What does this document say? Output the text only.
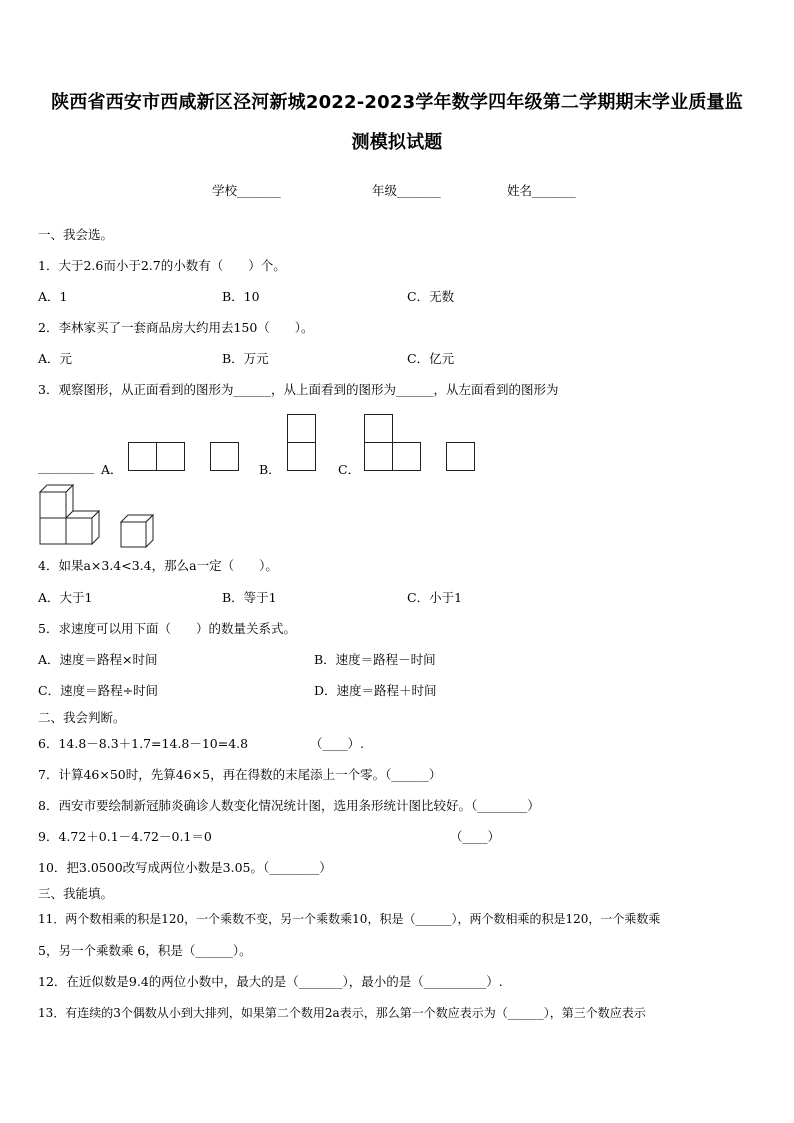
陕西省西安市西咸新区泾河新城2022-2023学年数学四年级第二学期期末学业质量监
测模拟试题
学校_______	年级_______	姓名_______
一、我会选。
1．大于2.6而小于2.7的小数有（　　）个。
A．1	B．10	C．无数
2．李林家买了一套商品房大约用去150（　　）。
A．元	B．万元	C．亿元
3．观察图形，从正面看到的图形为______，从上面看到的图形为______，从左面看到的图形为
_________ A．	B．	C．
4．如果a×3.4<3.4，那么a一定（　　）。
A．大于1	B．等于1	C．小于1
5．求速度可以用下面（　　）的数量关系式。
A．速度＝路程×时间	B．速度＝路程－时间
C．速度＝路程÷时间	D．速度＝路程＋时间
二、我会判断。
6．14.8－8.3＋1.7=14.8－10=4.8	（____）.
7．计算46×50时，先算46×5，再在得数的末尾添上一个零。（______）
8．西安市要绘制新冠肺炎确诊人数变化情况统计图，选用条形统计图比较好。（________）
9．4.72＋0.1－4.72－0.1＝0	（____）
10．把3.0500改写成两位小数是3.05。（________）
三、我能填。
11．两个数相乘的积是120，一个乘数不变，另一个乘数乘10，积是（______），两个数相乘的积是120，一个乘数乘
5，另一个乘数乘 6，积是（______）。
12．在近似数是9.4的两位小数中，最大的是（_______），最小的是（__________）.
13．有连续的3个偶数从小到大排列，如果第二个数用2a表示，那么第一个数应表示为（______），第三个数应表示
